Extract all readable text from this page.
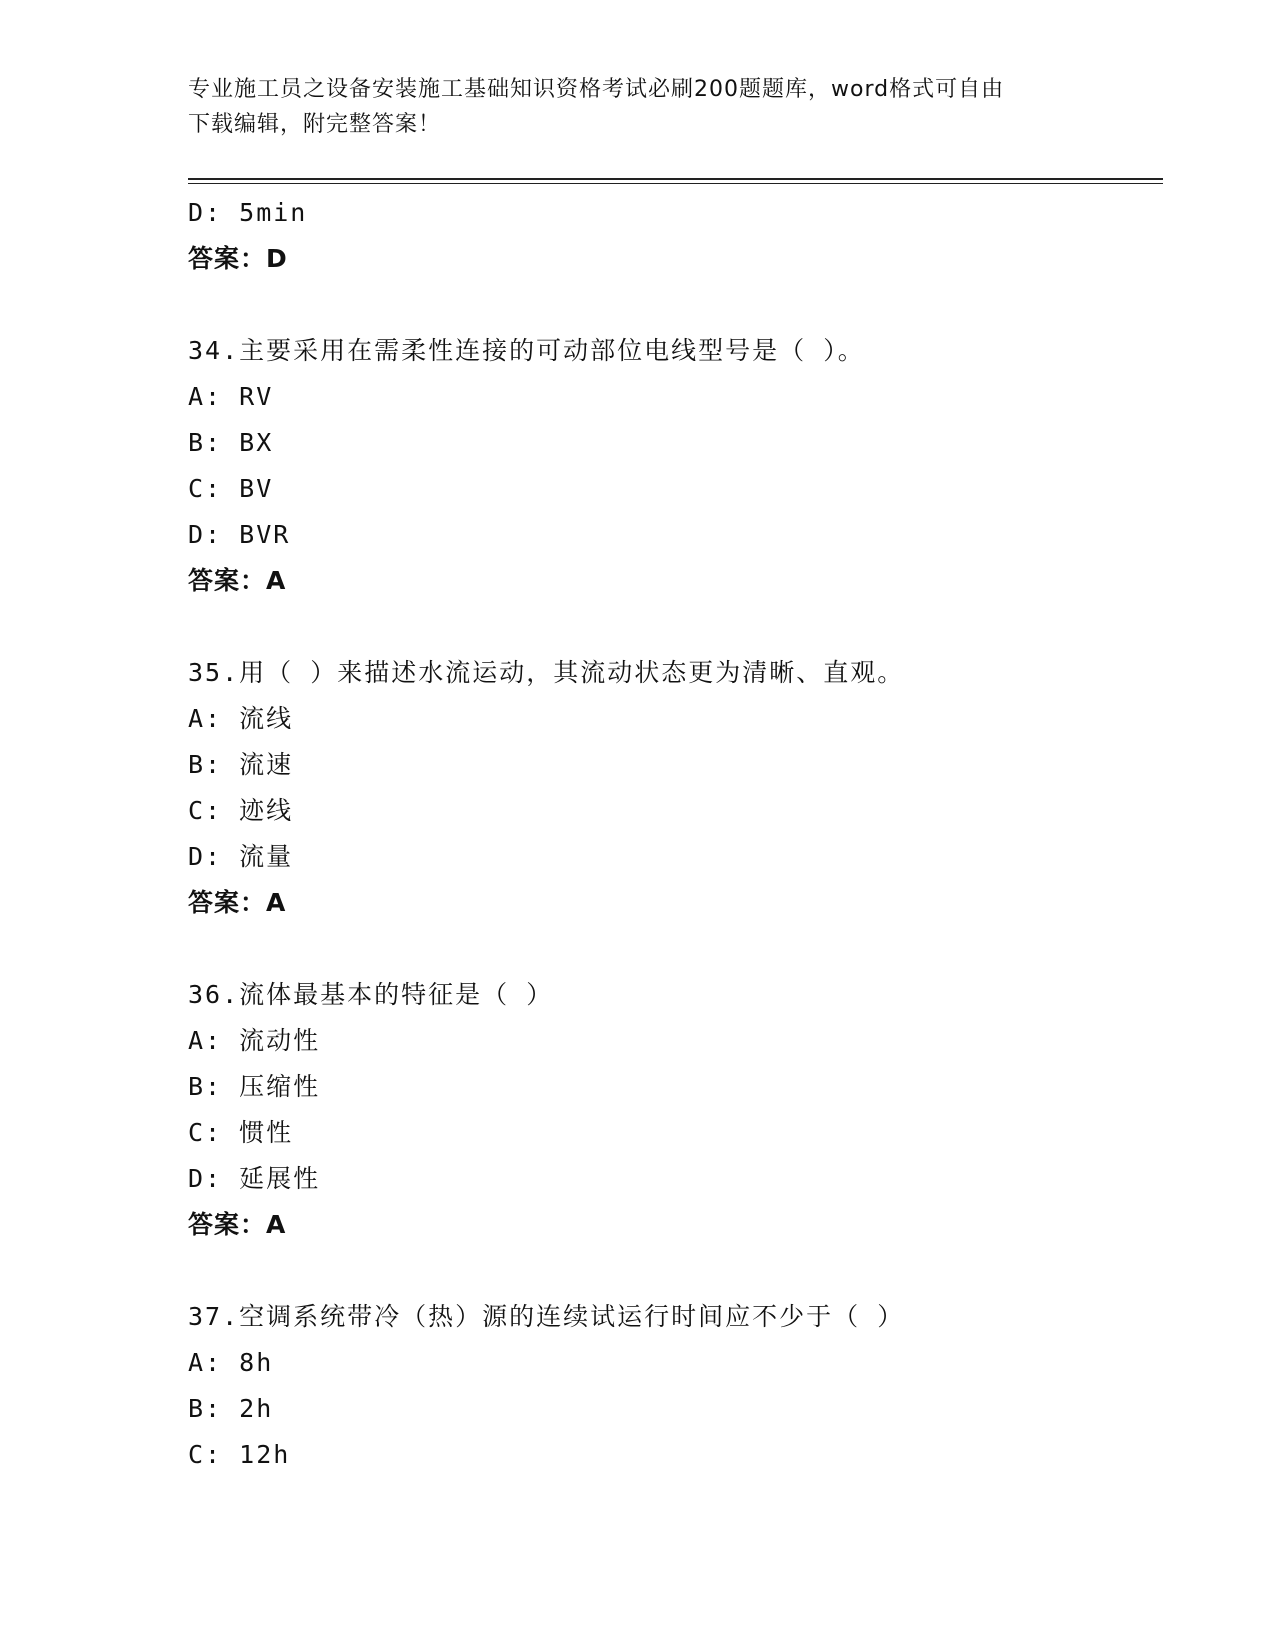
专业施工员之设备安装施工基础知识资格考试必刷200题题库，word格式可自由
下载编辑，附完整答案！
D: 5min
答案：D
34.主要采用在需柔性连接的可动部位电线型号是（ ）。
A: RV
B: BX
C: BV
D: BVR
答案：A
35.用（ ）来描述水流运动，其流动状态更为清晰、直观。
A: 流线
B: 流速
C: 迹线
D: 流量
答案：A
36.流体最基本的特征是（ ）
A: 流动性
B: 压缩性
C: 惯性
D: 延展性
答案：A
37.空调系统带冷（热）源的连续试运行时间应不少于（ ）
A: 8h
B: 2h
C: 12h
